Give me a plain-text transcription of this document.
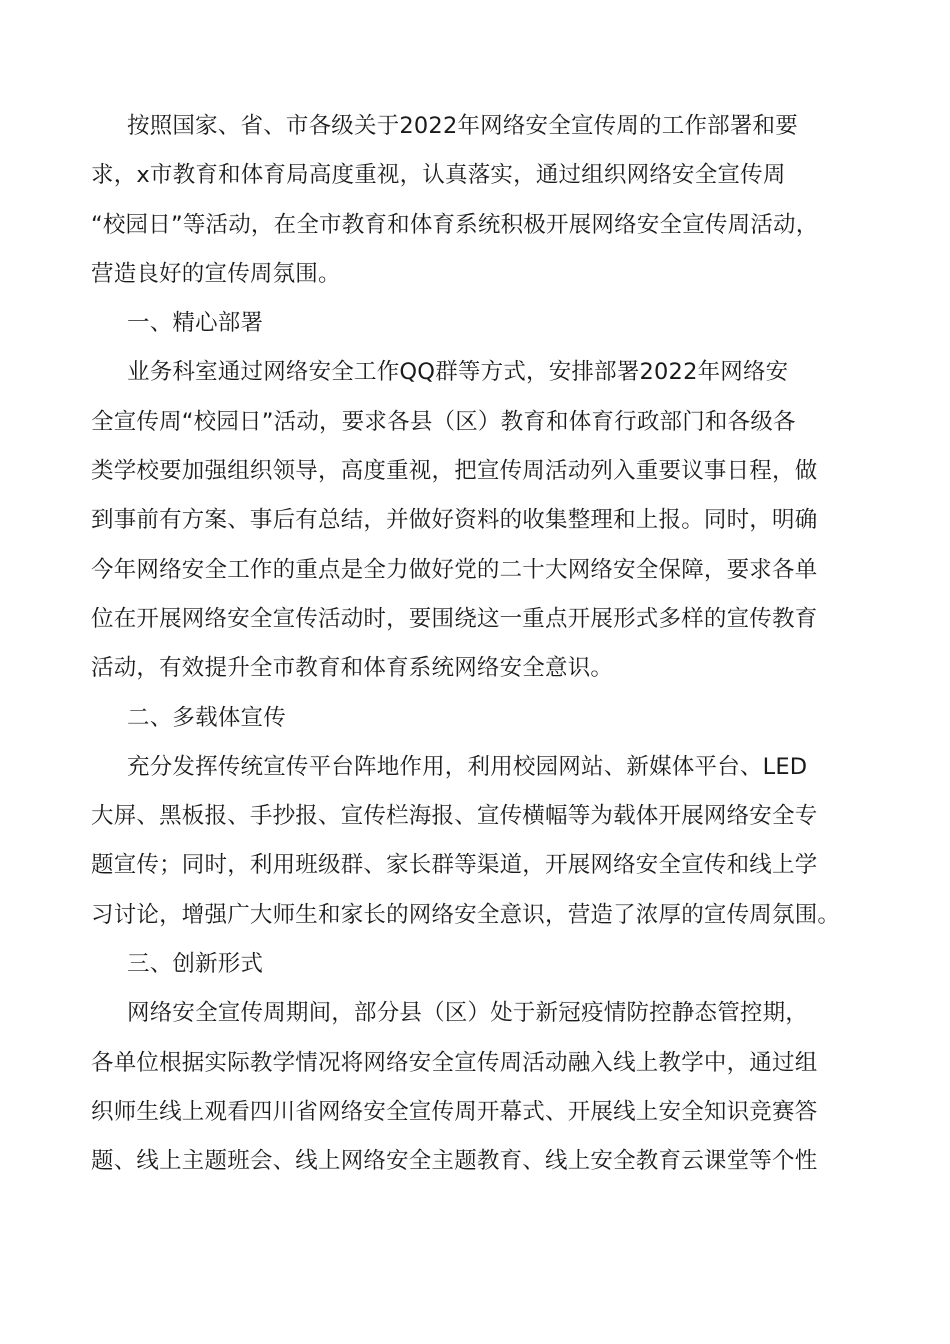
按照国家、省、市各级关于2022年网络安全宣传周的工作部署和要
求，x市教育和体育局高度重视，认真落实，通过组织网络安全宣传周
“校园日”等活动，在全市教育和体育系统积极开展网络安全宣传周活动，
营造良好的宣传周氛围。

一、精心部署

业务科室通过网络安全工作QQ群等方式，安排部署2022年网络安
全宣传周“校园日”活动，要求各县（区）教育和体育行政部门和各级各
类学校要加强组织领导，高度重视，把宣传周活动列入重要议事日程，做
到事前有方案、事后有总结，并做好资料的收集整理和上报。同时，明确
今年网络安全工作的重点是全力做好党的二十大网络安全保障，要求各单
位在开展网络安全宣传活动时，要围绕这一重点开展形式多样的宣传教育
活动，有效提升全市教育和体育系统网络安全意识。

二、多载体宣传

充分发挥传统宣传平台阵地作用，利用校园网站、新媒体平台、LED
大屏、黑板报、手抄报、宣传栏海报、宣传横幅等为载体开展网络安全专
题宣传；同时，利用班级群、家长群等渠道，开展网络安全宣传和线上学
习讨论，增强广大师生和家长的网络安全意识，营造了浓厚的宣传周氛围。

三、创新形式

网络安全宣传周期间，部分县（区）处于新冠疫情防控静态管控期，
各单位根据实际教学情况将网络安全宣传周活动融入线上教学中，通过组
织师生线上观看四川省网络安全宣传周开幕式、开展线上安全知识竞赛答
题、线上主题班会、线上网络安全主题教育、线上安全教育云课堂等个性
